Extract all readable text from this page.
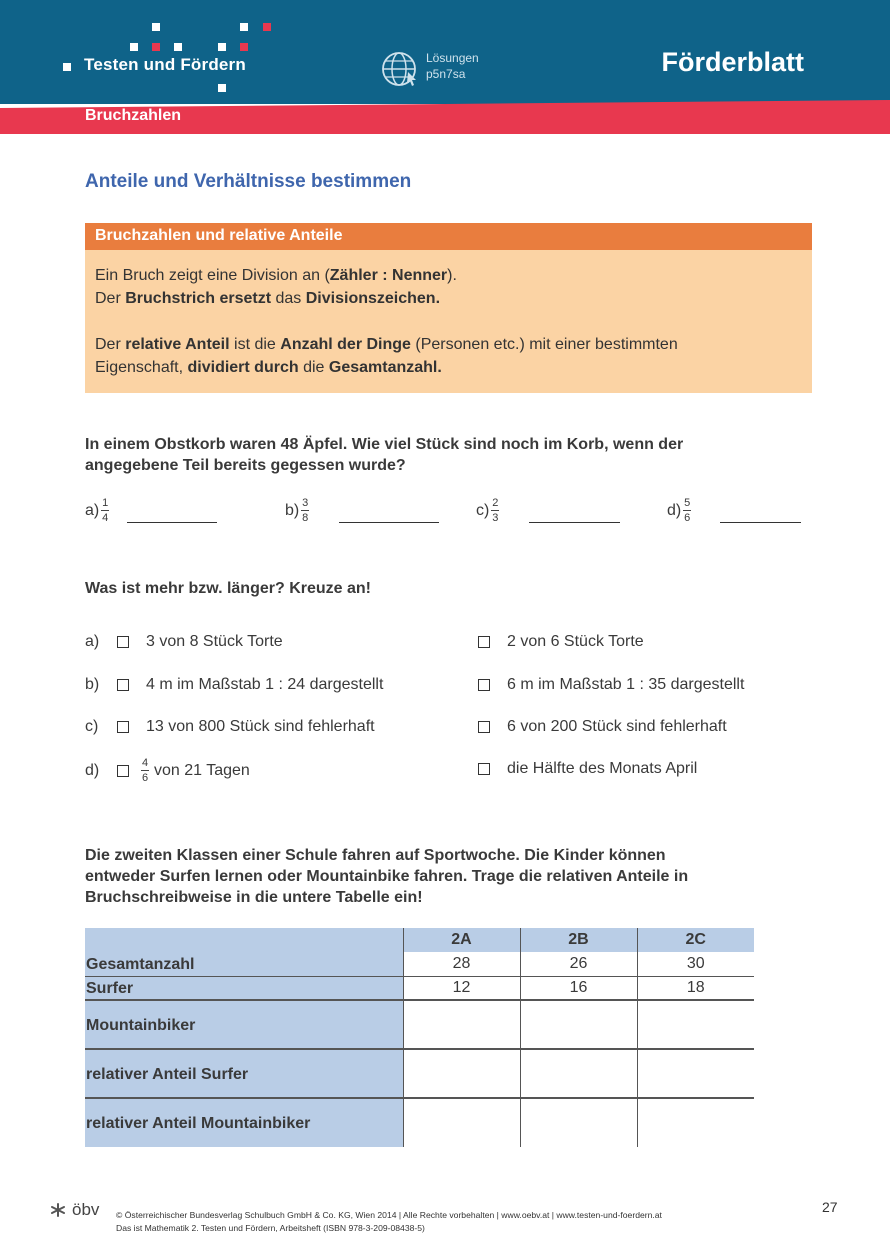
Testen und Fördern	Lösungen
p5n7sa	Förderblatt
Bruchzahlen
Anteile und Verhältnisse bestimmen
Bruchzahlen und relative Anteile

Ein Bruch zeigt eine Division an (Zähler : Nenner).

Der Bruchstrich ersetzt das Divisionszeichen.

Der relative Anteil ist die Anzahl der Dinge (Personen etc.) mit einer bestimmten

Eigenschaft, dividiert durch die Gesamtanzahl.

In einem Obstkorb waren 48 Äpfel. Wie viel Stück sind noch im Korb, wenn der
angegebene Teil bereits gegessen wurde?
$a) \frac{1}{4}$	$b) \frac{3}{8}$	$c) \frac{2}{3}$	$d) \frac{5}{6}$
Was ist mehr bzw. länger? Kreuze an!
a)	3 von 8 Stück Torte	2 von 6 Stück Torte
b)	4 m im Maßstab 1 : 24 dargestellt	6 m im Maßstab 1 : 35 dargestellt
c)	13 von 800 Stück sind fehlerhaft	6 von 200 Stück sind fehlerhaft
d)	$\frac{4}{6}$ von 21 Tagen	die Hälfte des Monats April
Die zweiten Klassen einer Schule fahren auf Sportwoche. Die Kinder können
entweder Surfen lernen oder Mountainbike fahren. Trage die relativen Anteile in
Bruchschreibweise in die untere Tabelle ein!
	2A	2B	2C
Gesamtanzahl	28	26	30
Surfer	12	16	18
Mountainbiker			
relativer Anteil Surfer			
relativer Anteil Mountainbiker			
öbv © Österreichischer Bundesverlag Schulbuch GmbH & Co. KG, Wien 2014 | Alle Rechte vorbehalten | www.oebv.at | www.testen-und-foerdern.at
Das ist Mathematik 2. Testen und Fördern, Arbeitsheft (ISBN 978-3-209-08438-5)
27
